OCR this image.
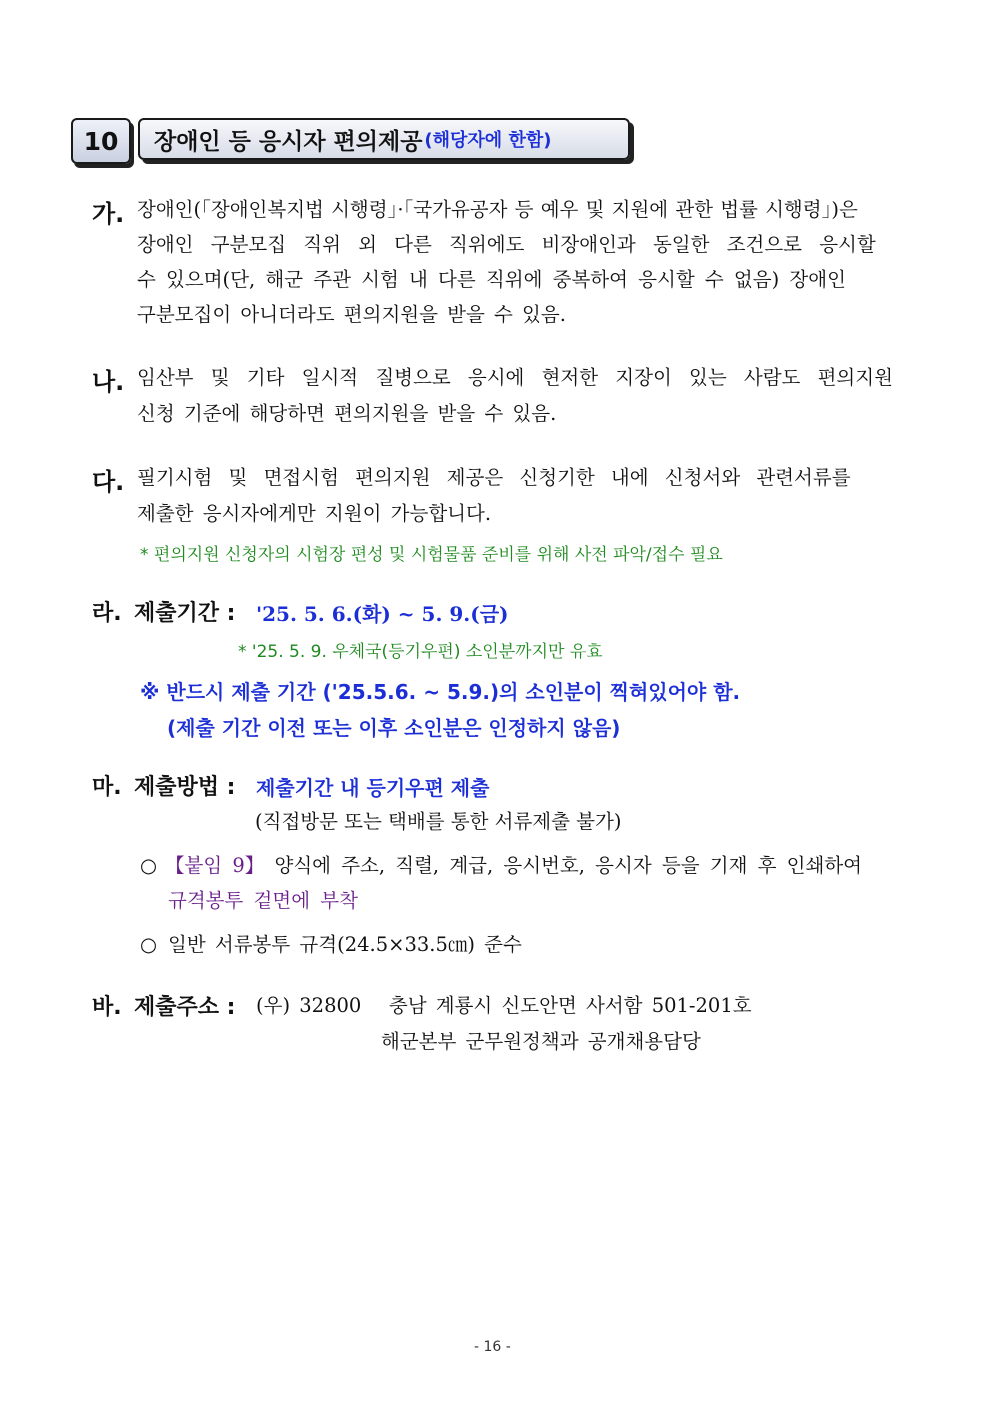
10 장애인 등 응시자 편의제공 (해당자에 한함)
가. 장애인(「장애인복지법 시행령」·「국가유공자 등 예우 및 지원에 관한 법률 시행령」)은
장애인 구분모집 직위 외 다른 직위에도 비장애인과 동일한 조건으로 응시할
수 있으며(단, 해군 주관 시험 내 다른 직위에 중복하여 응시할 수 없음) 장애인
구분모집이 아니더라도 편의지원을 받을 수 있음.
나. 임산부 및 기타 일시적 질병으로 응시에 현저한 지장이 있는 사람도 편의지원
신청 기준에 해당하면 편의지원을 받을 수 있음.
다. 필기시험 및 면접시험 편의지원 제공은 신청기한 내에 신청서와 관련서류를
제출한 응시자에게만 지원이 가능합니다.
* 편의지원 신청자의 시험장 편성 및 시험물품 준비를 위해 사전 파악/접수 필요
라. 제출기간 : '25. 5. 6.(화) ~ 5. 9.(금)
* '25. 5. 9. 우체국(등기우편) 소인분까지만 유효
※ 반드시 제출 기간 ('25.5.6. ~ 5.9.)의 소인분이 찍혀있어야 함.
(제출 기간 이전 또는 이후 소인분은 인정하지 않음)
마. 제출방법 : 제출기간 내 등기우편 제출
(직접방문 또는 택배를 통한 서류제출 불가)
○ 【붙임 9】 양식에 주소, 직렬, 계급, 응시번호, 응시자 등을 기재 후 인쇄하여
규격봉투 겉면에 부착
○ 일반 서류봉투 규격(24.5×33.5㎝) 준수
바. 제출주소 : (우) 32800   충남 계룡시 신도안면 사서함 501-201호
해군본부 군무원정책과 공개채용담당
- 16 -
